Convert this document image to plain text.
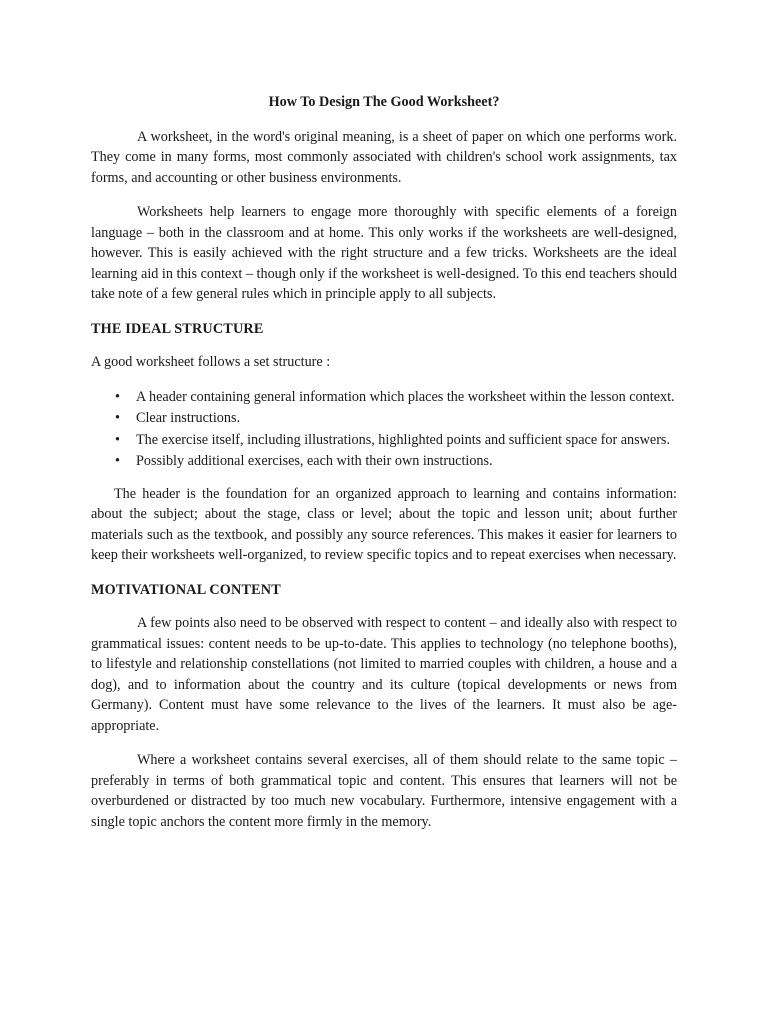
How To Design The Good Worksheet?

A worksheet, in the word's original meaning, is a sheet of paper on which one performs work. They come in many forms, most commonly associated with children's school work assignments, tax forms, and accounting or other business environments.

Worksheets help learners to engage more thoroughly with specific elements of a foreign language – both in the classroom and at home. This only works if the worksheets are well-designed, however. This is easily achieved with the right structure and a few tricks. Worksheets are the ideal learning aid in this context – though only if the worksheet is well-designed. To this end teachers should take note of a few general rules which in principle apply to all subjects.

THE IDEAL STRUCTURE

A good worksheet follows a set structure :

• A header containing general information which places the worksheet within the lesson context.
• Clear instructions.
• The exercise itself, including illustrations, highlighted points and sufficient space for answers.
• Possibly additional exercises, each with their own instructions.

The header is the foundation for an organized approach to learning and contains information: about the subject; about the stage, class or level; about the topic and lesson unit; about further materials such as the textbook, and possibly any source references. This makes it easier for learners to keep their worksheets well-organized, to review specific topics and to repeat exercises when necessary.

MOTIVATIONAL CONTENT

A few points also need to be observed with respect to content – and ideally also with respect to grammatical issues: content needs to be up-to-date. This applies to technology (no telephone booths), to lifestyle and relationship constellations (not limited to married couples with children, a house and a dog), and to information about the country and its culture (topical developments or news from Germany). Content must have some relevance to the lives of the learners. It must also be age-appropriate.

Where a worksheet contains several exercises, all of them should relate to the same topic – preferably in terms of both grammatical topic and content. This ensures that learners will not be overburdened or distracted by too much new vocabulary. Furthermore, intensive engagement with a single topic anchors the content more firmly in the memory.
